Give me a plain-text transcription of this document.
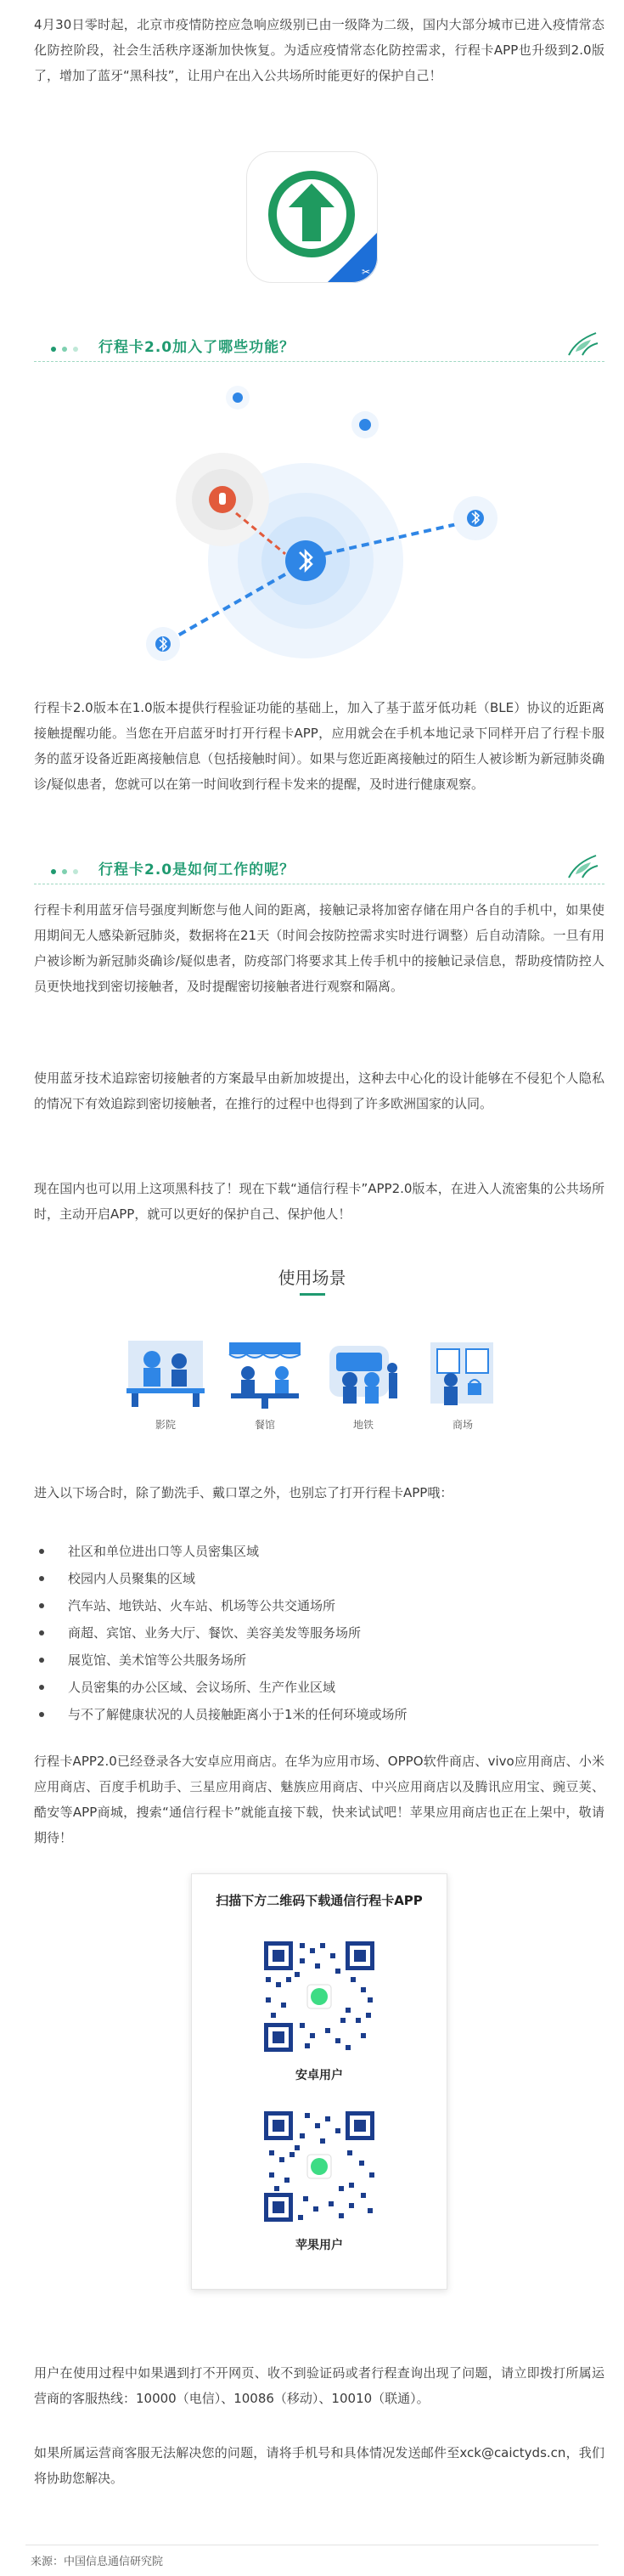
4月30日零时起，北京市疫情防控应急响应级别已由一级降为二级，国内大部分城市已进入疫情常态化防控阶段，社会生活秩序逐渐加快恢复。为适应疫情常态化防控需求，行程卡APP也升级到2.0版了，增加了蓝牙“黑科技”，让用户在出入公共场所时能更好的保护自己！

✂
行程卡2.0加入了哪些功能？

行程卡2.0版本在1.0版本提供行程验证功能的基础上，加入了基于蓝牙低功耗（BLE）协议的近距离接触提醒功能。当您在开启蓝牙时打开行程卡APP，应用就会在手机本地记录下同样开启了行程卡服务的蓝牙设备近距离接触信息（包括接触时间）。如果与您近距离接触过的陌生人被诊断为新冠肺炎确诊/疑似患者，您就可以在第一时间收到行程卡发来的提醒，及时进行健康观察。

行程卡2.0是如何工作的呢？

行程卡利用蓝牙信号强度判断您与他人间的距离，接触记录将加密存储在用户各自的手机中，如果使用期间无人感染新冠肺炎，数据将在21天（时间会按防控需求实时进行调整）后自动清除。一旦有用户被诊断为新冠肺炎确诊/疑似患者，防疫部门将要求其上传手机中的接触记录信息，帮助疫情防控人员更快地找到密切接触者，及时提醒密切接触者进行观察和隔离。

使用蓝牙技术追踪密切接触者的方案最早由新加坡提出，这种去中心化的设计能够在不侵犯个人隐私的情况下有效追踪到密切接触者，在推行的过程中也得到了许多欧洲国家的认同。

现在国内也可以用上这项黑科技了！现在下载“通信行程卡”APP2.0版本，在进入人流密集的公共场所时，主动开启APP，就可以更好的保护自己、保护他人！

使用场景
影院	餐馆	地铁	商场

进入以下场合时，除了勤洗手、戴口罩之外，也别忘了打开行程卡APP哦：

社区和单位进出口等人员密集区域
校园内人员聚集的区域
汽车站、地铁站、火车站、机场等公共交通场所
商超、宾馆、业务大厅、餐饮、美容美发等服务场所
展览馆、美术馆等公共服务场所
人员密集的办公区域、会议场所、生产作业区域
与不了解健康状况的人员接触距离小于1米的任何环境或场所

行程卡APP2.0已经登录各大安卓应用商店。在华为应用市场、OPPO软件商店、vivo应用商店、小米应用商店、百度手机助手、三星应用商店、魅族应用商店、中兴应用商店以及腾讯应用宝、豌豆荚、酷安等APP商城，搜索“通信行程卡”就能直接下载，快来试试吧！苹果应用商店也正在上架中，敬请期待！

扫描下方二维码下载通信行程卡APP
安卓用户
苹果用户

用户在使用过程中如果遇到打不开网页、收不到验证码或者行程查询出现了问题，请立即拨打所属运营商的客服热线：10000（电信）、10086（移动）、10010（联通）。

如果所属运营商客服无法解决您的问题，请将手机号和具体情况发送邮件至xck@caictyds.cn，我们将协助您解决。

来源：中国信息通信研究院
